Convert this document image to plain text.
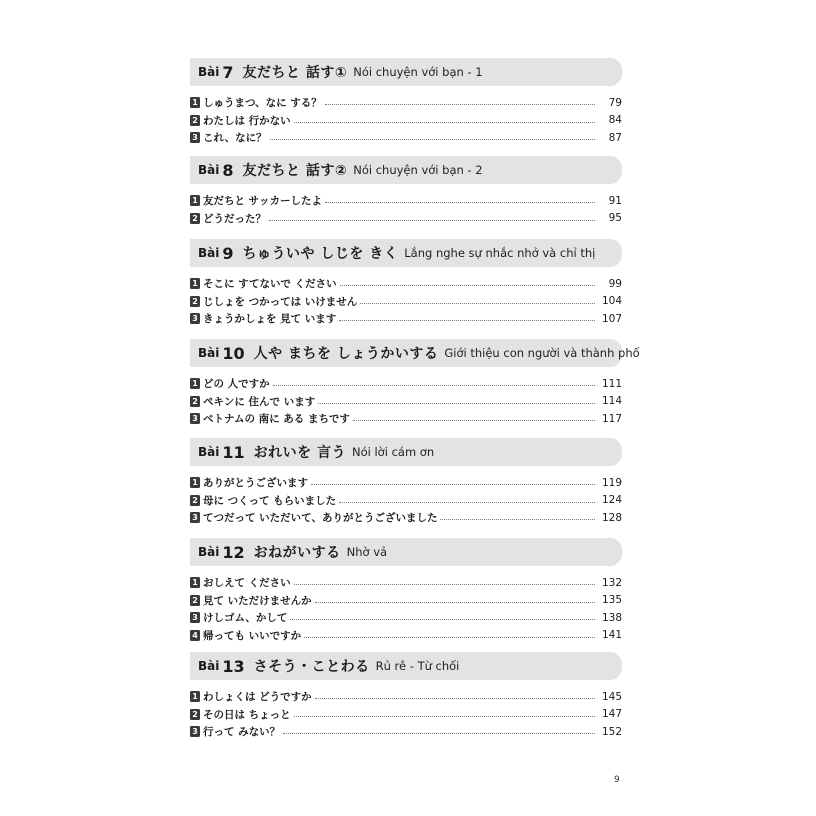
Bài 7 友だちと 話す① Nói chuyện với bạn - 1
1 しゅうまつ、なに する？	79
2 わたしは 行かない	84
3 これ、なに？	87
Bài 8 友だちと 話す② Nói chuyện với bạn - 2
1 友だちと サッカーしたよ	91
2 どうだった？	95
Bài 9 ちゅういや しじを きく Lắng nghe sự nhắc nhở và chỉ thị
1 そこに すてないで ください	99
2 じしょを つかっては いけません	104
3 きょうかしょを 見て います	107
Bài 10 人や まちを しょうかいする Giới thiệu con người và thành phố
1 どの 人ですか	111
2 ペキンに 住んで います	114
3 ベトナムの 南に ある まちです	117
Bài 11 おれいを 言う Nói lời cám ơn
1 ありがとうございます	119
2 母に つくって もらいました	124
3 てつだって いただいて、ありがとうございました	128
Bài 12 おねがいする Nhờ vả
1 おしえて ください	132
2 見て いただけませんか	135
3 けしゴム、かして	138
4 帰っても いいですか	141
Bài 13 さそう・ことわる Rủ rê - Từ chối
1 わしょくは どうですか	145
2 その日は ちょっと	147
3 行って みない？	152
9
